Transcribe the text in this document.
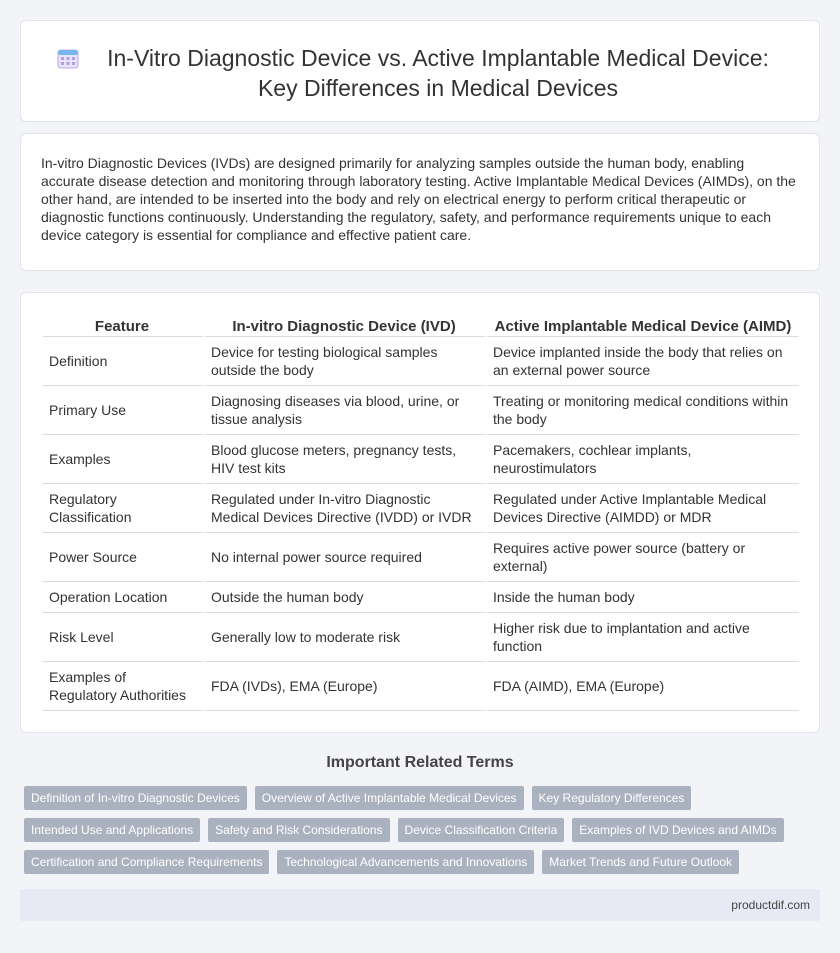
In-Vitro Diagnostic Device vs. Active Implantable Medical Device: Key Differences in Medical Devices

In-vitro Diagnostic Devices (IVDs) are designed primarily for analyzing samples outside the human body, enabling accurate disease detection and monitoring through laboratory testing. Active Implantable Medical Devices (AIMDs), on the other hand, are intended to be inserted into the body and rely on electrical energy to perform critical therapeutic or diagnostic functions continuously. Understanding the regulatory, safety, and performance requirements unique to each device category is essential for compliance and effective patient care.

Feature	In-vitro Diagnostic Device (IVD)	Active Implantable Medical Device (AIMD)
Definition	Device for testing biological samples outside the body	Device implanted inside the body that relies on an external power source
Primary Use	Diagnosing diseases via blood, urine, or tissue analysis	Treating or monitoring medical conditions within the body
Examples	Blood glucose meters, pregnancy tests, HIV test kits	Pacemakers, cochlear implants, neurostimulators
Regulatory Classification	Regulated under In-vitro Diagnostic Medical Devices Directive (IVDD) or IVDR	Regulated under Active Implantable Medical Devices Directive (AIMDD) or MDR
Power Source	No internal power source required	Requires active power source (battery or external)
Operation Location	Outside the human body	Inside the human body
Risk Level	Generally low to moderate risk	Higher risk due to implantation and active function
Examples of Regulatory Authorities	FDA (IVDs), EMA (Europe)	FDA (AIMD), EMA (Europe)
Important Related Terms
Definition of In-vitro Diagnostic Devices	Overview of Active Implantable Medical Devices	Key Regulatory Differences
Intended Use and Applications	Safety and Risk Considerations	Device Classification Criteria	Examples of IVD Devices and AIMDs
Certification and Compliance Requirements	Technological Advancements and Innovations	Market Trends and Future Outlook
productdif.com
